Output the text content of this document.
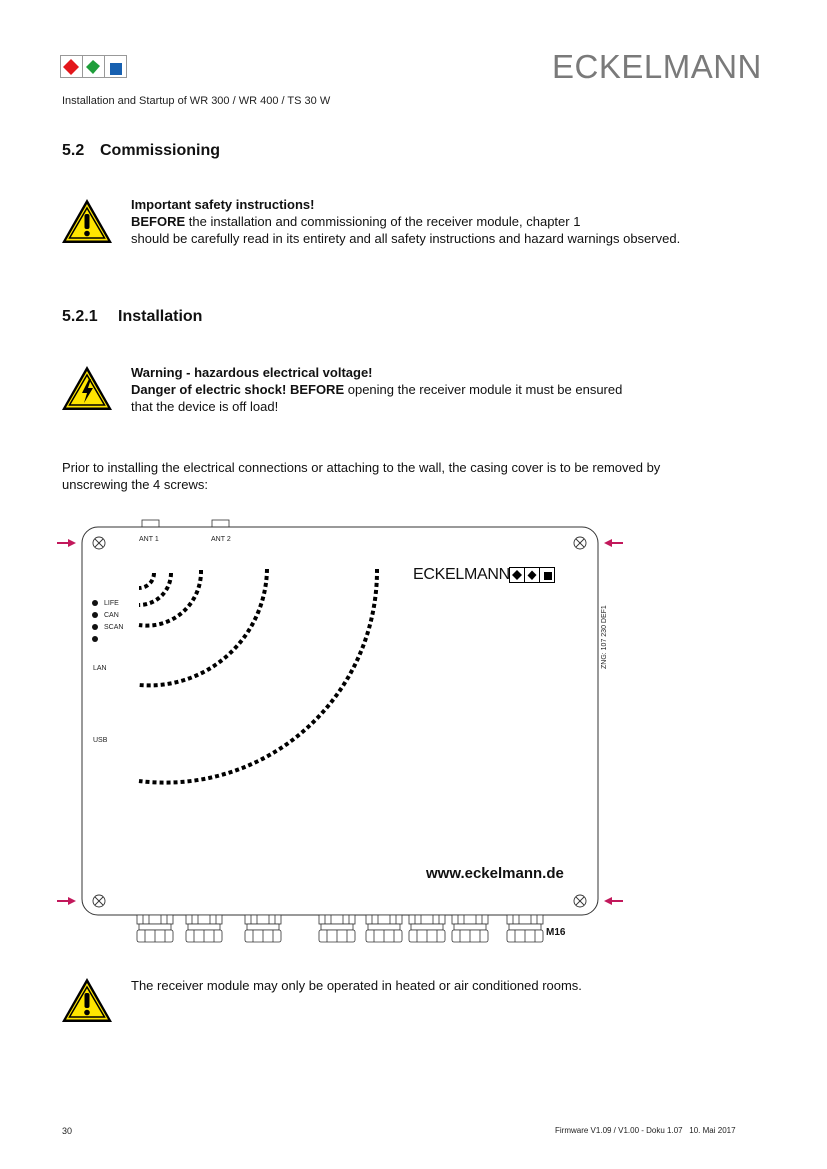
ECKELMANN
Installation and Startup of WR 300 / WR 400 / TS 30 W
5.2 Commissioning
Important safety instructions!
BEFORE the installation and commissioning of the receiver module, chapter 1
should be carefully read in its entirety and all safety instructions and hazard warnings observed.
5.2.1 Installation
Warning - hazardous electrical voltage!
Danger of electric shock! BEFORE opening the receiver module it must be ensured
that the device is off load!
Prior to installing the electrical connections or attaching to the wall, the casing cover is to be removed by
unscrewing the 4 screws:
ANT 1	ANT 2
ECKELMANN
ZNG: 107 230 DEF1
LIFE
CAN
SCAN
LAN
USB
www.eckelmann.de
M16
The receiver module may only be operated in heated or air conditioned rooms.
30	Firmware V1.09 / V1.00 - Doku 1.07   10. Mai 2017
